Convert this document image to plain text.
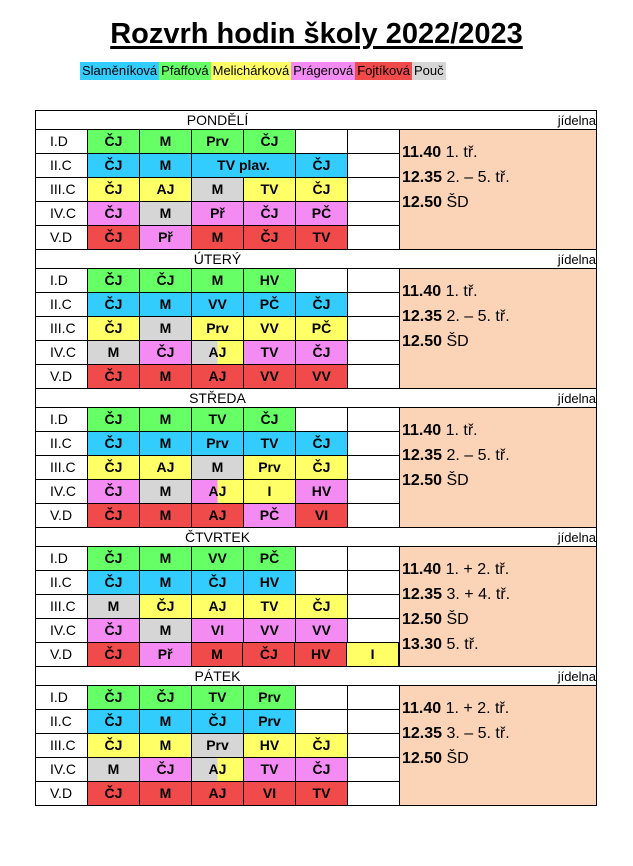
Rozvrh hodin školy 2022/2023
Slaměníková Pfaffová Melichárková Prágerová Fojtíková Pouč
PONDĚLÍ	jídelna
I.D	ČJ	M	Prv	ČJ
II.C	ČJ	M	TV plav.	ČJ
III.C	ČJ	AJ	M	TV	ČJ
IV.C	ČJ	M	Př	ČJ	PČ
V.D	ČJ	Př	M	ČJ	TV
11.40 1. tř.
12.35 2. – 5. tř.
12.50 ŠD
ÚTERÝ	jídelna
I.D	ČJ	ČJ	M	HV
II.C	ČJ	M	VV	PČ	ČJ
III.C	ČJ	M	Prv	VV	PČ
IV.C	M	ČJ	AJ	TV	ČJ
V.D	ČJ	M	AJ	VV	VV
11.40 1. tř.
12.35 2. – 5. tř.
12.50 ŠD
STŘEDA	jídelna
I.D	ČJ	M	TV	ČJ
II.C	ČJ	M	Prv	TV	ČJ
III.C	ČJ	AJ	M	Prv	ČJ
IV.C	ČJ	M	AJ	I	HV
V.D	ČJ	M	AJ	PČ	VI
11.40 1. tř.
12.35 2. – 5. tř.
12.50 ŠD
ČTVRTEK	jídelna
I.D	ČJ	M	VV	PČ
II.C	ČJ	M	ČJ	HV
III.C	M	ČJ	AJ	TV	ČJ
IV.C	ČJ	M	VI	VV	VV
V.D	ČJ	Př	M	ČJ	HV	I
11.40 1. + 2. tř.
12.35 3. + 4. tř.
12.50 ŠD
13.30 5. tř.
PÁTEK	jídelna
I.D	ČJ	ČJ	TV	Prv
II.C	ČJ	M	ČJ	Prv
III.C	ČJ	M	Prv	HV	ČJ
IV.C	M	ČJ	AJ	TV	ČJ
V.D	ČJ	M	AJ	VI	TV
11.40 1. + 2. tř.
12.35 3. – 5. tř.
12.50 ŠD
